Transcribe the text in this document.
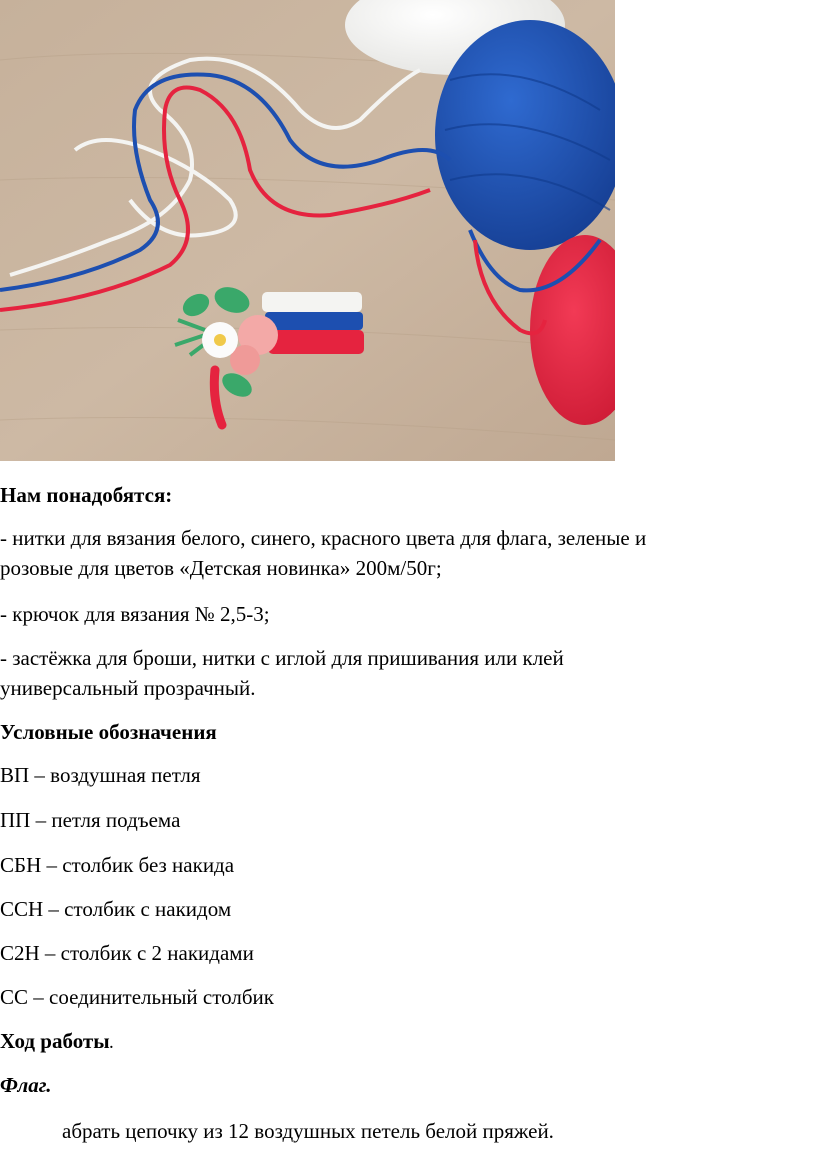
Нам понадобятся:
- нитки для вязания белого, синего, красного цвета для флага, зеленые и
розовые для цветов «Детская новинка» 200м/50г;
- крючок для вязания № 2,5-3;
- застёжка для броши, нитки с иглой для пришивания или клей
универсальный прозрачный.
Условные обозначения
ВП – воздушная петля
ПП – петля подъема
СБН – столбик без накида
ССН – столбик с накидом
С2Н – столбик с 2 накидами
СС – соединительный столбик
Ход работы.
Флаг.
абрать цепочку из 12 воздушных петель белой пряжей.
